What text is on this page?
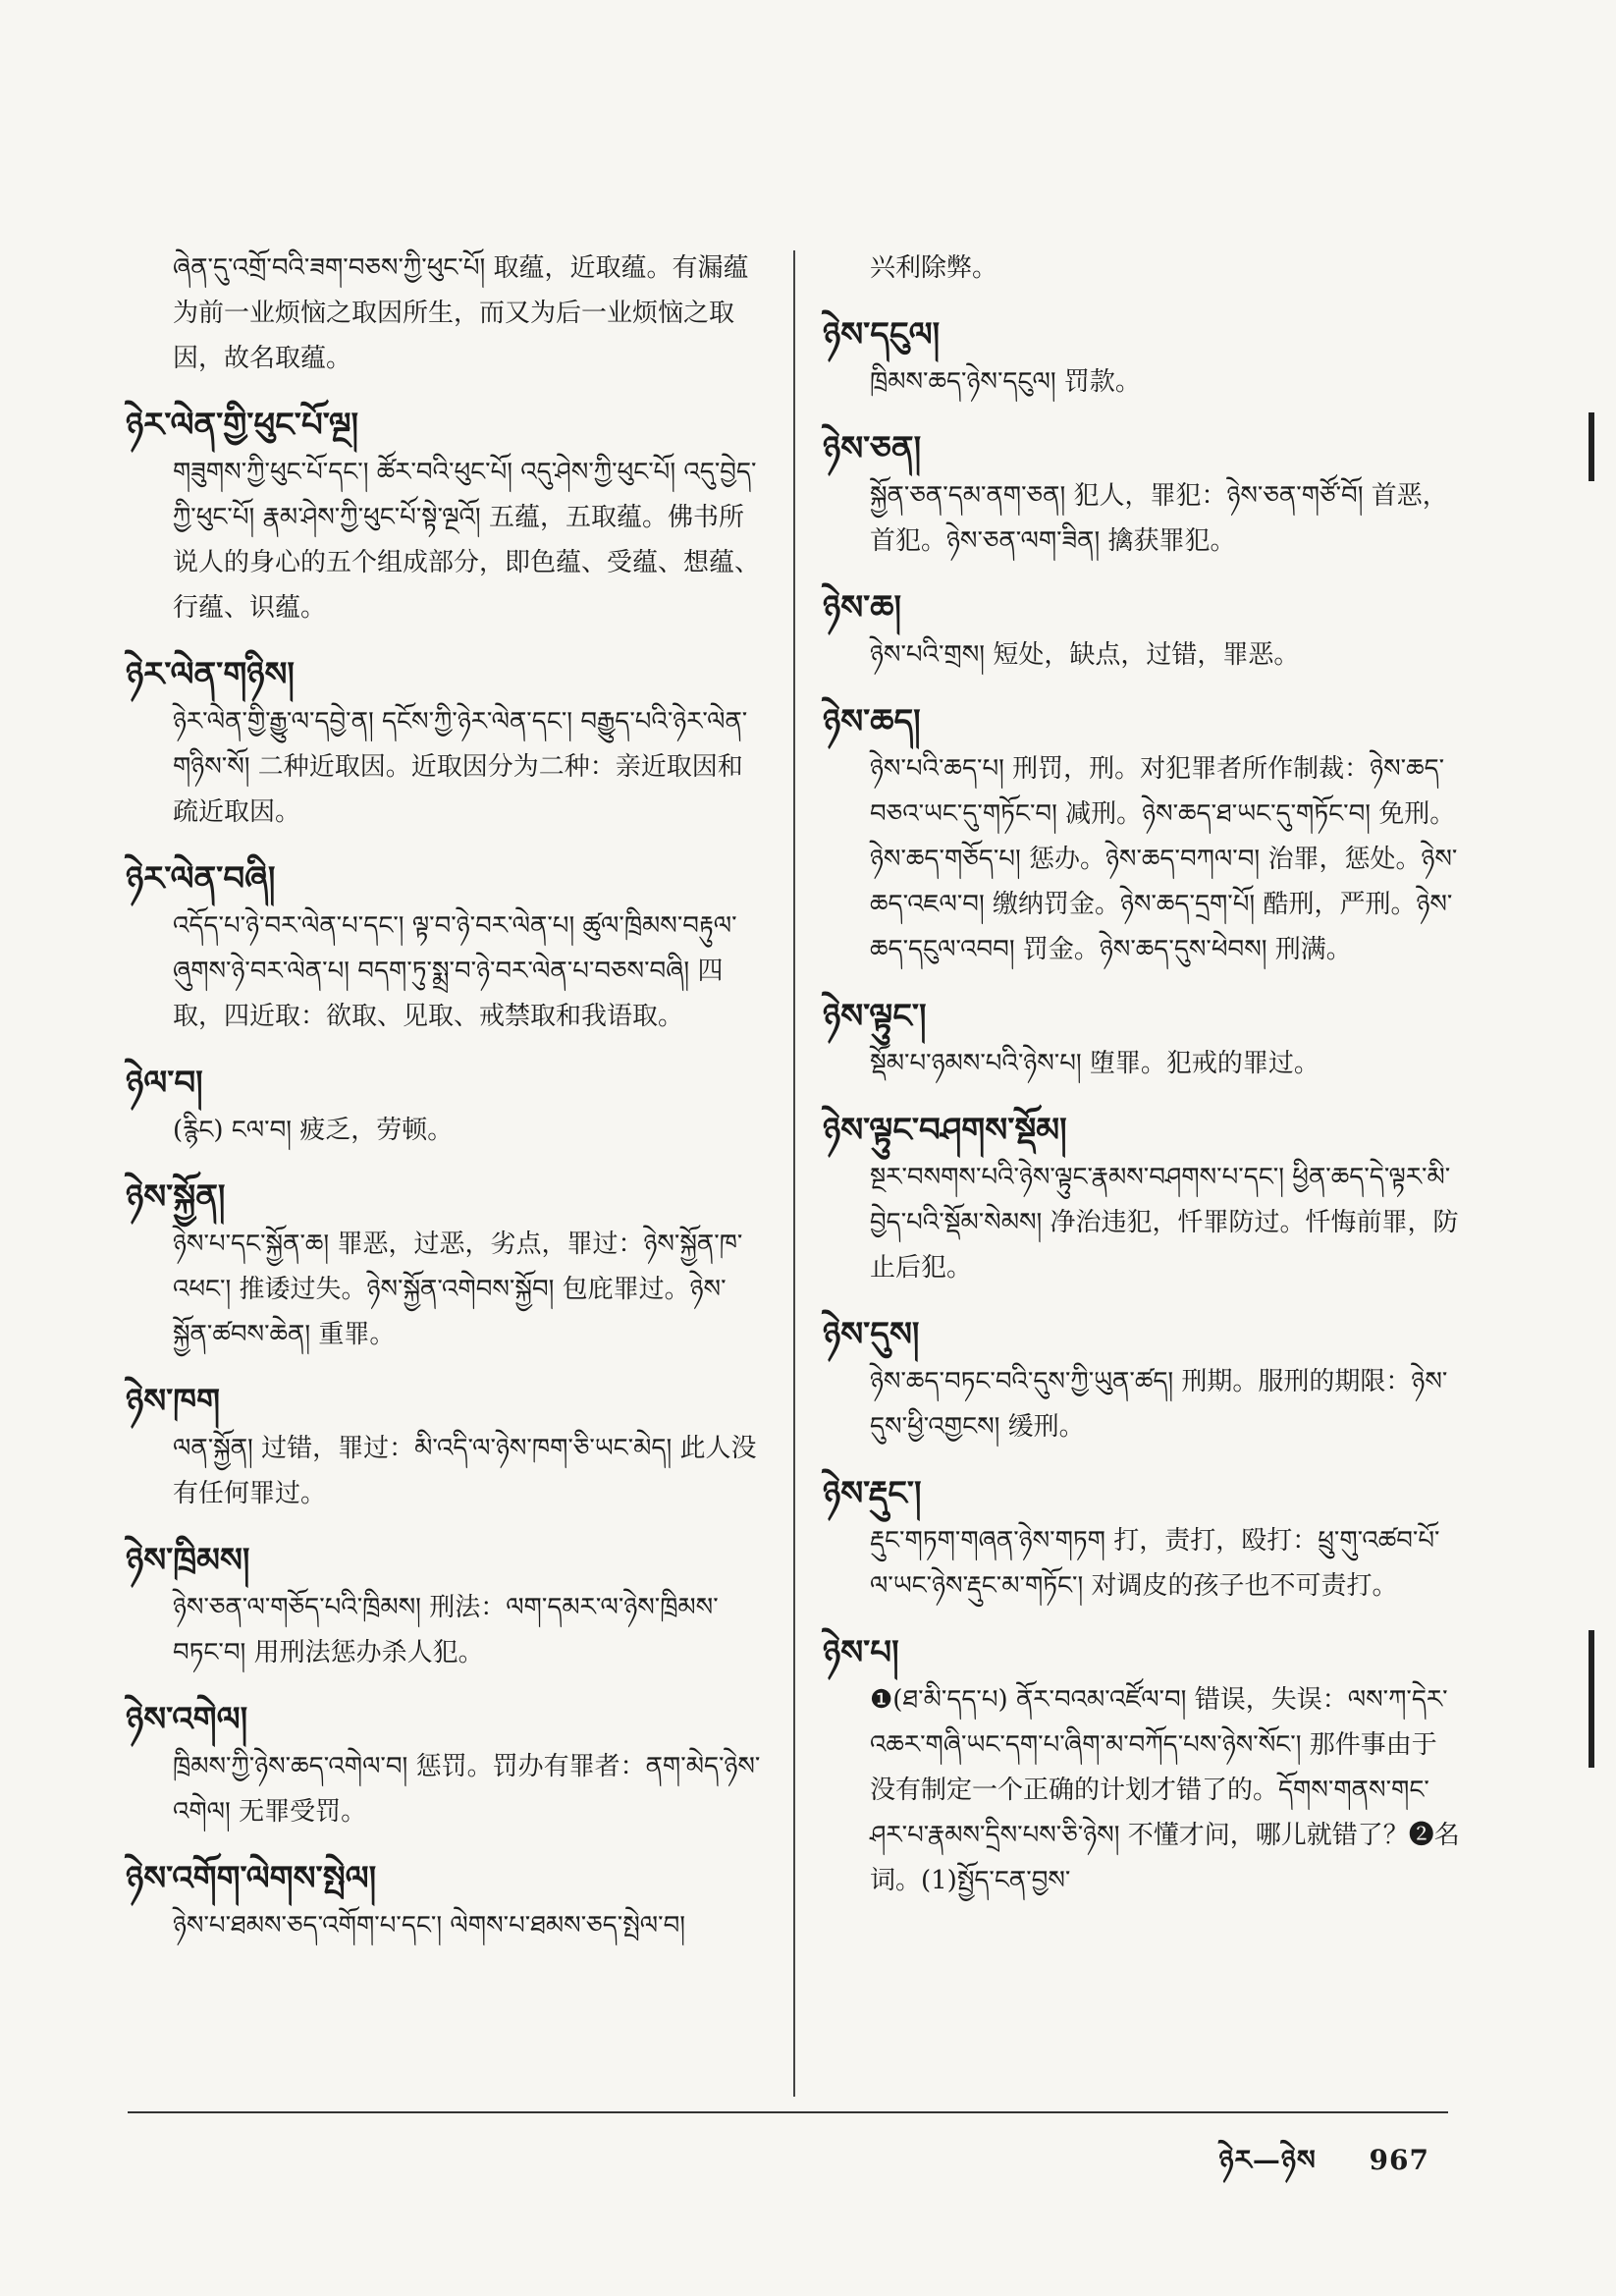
ཞེན་དུ་འགྲོ་བའི་ཟག་བཅས་ཀྱི་ཕུང་པོ། 取蕴，近取蕴。有漏蕴为前一业烦恼之取因所生，而又为后一业烦恼之取因，故名取蕴。
ཉེར་ལེན་གྱི་ཕུང་པོ་ལྔ།
གཟུགས་ཀྱི་ཕུང་པོ་དང་། ཚོར་བའི་ཕུང་པོ། འདུ་ཤེས་ཀྱི་ཕུང་པོ། འདུ་བྱེད་ཀྱི་ཕུང་པོ། རྣམ་ཤེས་ཀྱི་ཕུང་པོ་སྟེ་ལྔའོ། 五蕴，五取蕴。佛书所说人的身心的五个组成部分，即色蕴、受蕴、想蕴、行蕴、识蕴。
ཉེར་ལེན་གཉིས།
ཉེར་ལེན་གྱི་རྒྱུ་ལ་དབྱེ་ན། དངོས་ཀྱི་ཉེར་ལེན་དང་། བརྒྱུད་པའི་ཉེར་ལེན་གཉིས་སོ། 二种近取因。近取因分为二种：亲近取因和疏近取因。
ཉེར་ལེན་བཞི།
འདོད་པ་ཉེ་བར་ལེན་པ་དང་། ལྟ་བ་ཉེ་བར་ལེན་པ། ཚུལ་ཁྲིམས་བརྟུལ་ཞུགས་ཉེ་བར་ལེན་པ། བདག་ཏུ་སྨྲ་བ་ཉེ་བར་ལེན་པ་བཅས་བཞི། 四取，四近取：欲取、见取、戒禁取和我语取。
ཉེལ་བ།
(རྙིང) ངལ་བ། 疲乏，劳顿。
ཉེས་སྐྱོན།
ཉེས་པ་དང་སྐྱོན་ཆ། 罪恶，过恶，劣点，罪过：ཉེས་སྐྱོན་ཁ་འཕང་། 推诿过失。ཉེས་སྐྱོན་འགེབས་སྐྱོབ། 包庇罪过。ཉེས་སྐྱོན་ཚབས་ཆེན། 重罪。
ཉེས་ཁག
ལན་སྐྱོན། 过错，罪过：མི་འདི་ལ་ཉེས་ཁག་ཅི་ཡང་མེད། 此人没有任何罪过。
ཉེས་ཁྲིམས།
ཉེས་ཅན་ལ་གཅོད་པའི་ཁྲིམས། 刑法：ལག་དམར་ལ་ཉེས་ཁྲིམས་བཏང་བ། 用刑法惩办杀人犯。
ཉེས་འགེལ།
ཁྲིམས་ཀྱི་ཉེས་ཆད་འགེལ་བ། 惩罚。罚办有罪者：ནག་མེད་ཉེས་འགེལ། 无罪受罚。
ཉེས་འགོག་ལེགས་སྤེལ།
ཉེས་པ་ཐམས་ཅད་འགོག་པ་དང་། ལེགས་པ་ཐམས་ཅད་སྤེལ་བ།
兴利除弊。
ཉེས་དངུལ།
ཁྲིམས་ཆད་ཉེས་དངུལ། 罚款。
ཉེས་ཅན།
སྐྱོན་ཅན་དམ་ནག་ཅན། 犯人，罪犯：ཉེས་ཅན་གཙོ་བོ། 首恶，首犯。ཉེས་ཅན་ལག་ཟིན། 擒获罪犯。
ཉེས་ཆ།
ཉེས་པའི་གྲས། 短处，缺点，过错，罪恶。
ཉེས་ཆད།
ཉེས་པའི་ཆད་པ། 刑罚，刑。对犯罪者所作制裁：ཉེས་ཆད་བཅའ་ཡང་དུ་གཏོང་བ། 减刑。ཉེས་ཆད་ཐ་ཡང་དུ་གཏོང་བ། 免刑。ཉེས་ཆད་གཅོད་པ། 惩办。ཉེས་ཆད་བཀལ་བ། 治罪，惩处。ཉེས་ཆད་འཇལ་བ། 缴纳罚金。ཉེས་ཆད་དྲག་པོ། 酷刑，严刑。ཉེས་ཆད་དངུལ་འབབ། 罚金。ཉེས་ཆད་དུས་ཕེབས། 刑满。
ཉེས་ལྟུང་།
སྡོམ་པ་ཉམས་པའི་ཉེས་པ། 堕罪。犯戒的罪过。
ཉེས་ལྟུང་བཤགས་སྡོམ།
སྔར་བསགས་པའི་ཉེས་ལྟུང་རྣམས་བཤགས་པ་དང་། ཕྱིན་ཆད་དེ་ལྟར་མི་བྱེད་པའི་སྡོམ་སེམས། 净治违犯，忏罪防过。忏悔前罪，防止后犯。
ཉེས་དུས།
ཉེས་ཆད་བཏང་བའི་དུས་ཀྱི་ཡུན་ཚད། 刑期。服刑的期限：ཉེས་དུས་ཕྱི་འགྱངས། 缓刑。
ཉེས་རྡུང་།
རྡུང་གཏག་གཞན་ཉེས་གཏག 打，责打，殴打：ཕྲུ་གུ་འཚབ་པོ་ལ་ཡང་ཉེས་རྡུང་མ་གཏོང་། 对调皮的孩子也不可责打。
ཉེས་པ།
❶(ཐ་མི་དད་པ) ནོར་བའམ་འཛོལ་བ། 错误，失误：ལས་ཀ་དེར་འཆར་གཞི་ཡང་དག་པ་ཞིག་མ་བཀོད་པས་ཉེས་སོང་། 那件事由于没有制定一个正确的计划才错了的。དོགས་གནས་གང་ཤར་པ་རྣམས་དྲིས་པས་ཅི་ཉེས། 不懂才问，哪儿就错了？❷名词。(1)སྤྱོད་ངན་བྱས་
ཉེར—ཉེས 967
